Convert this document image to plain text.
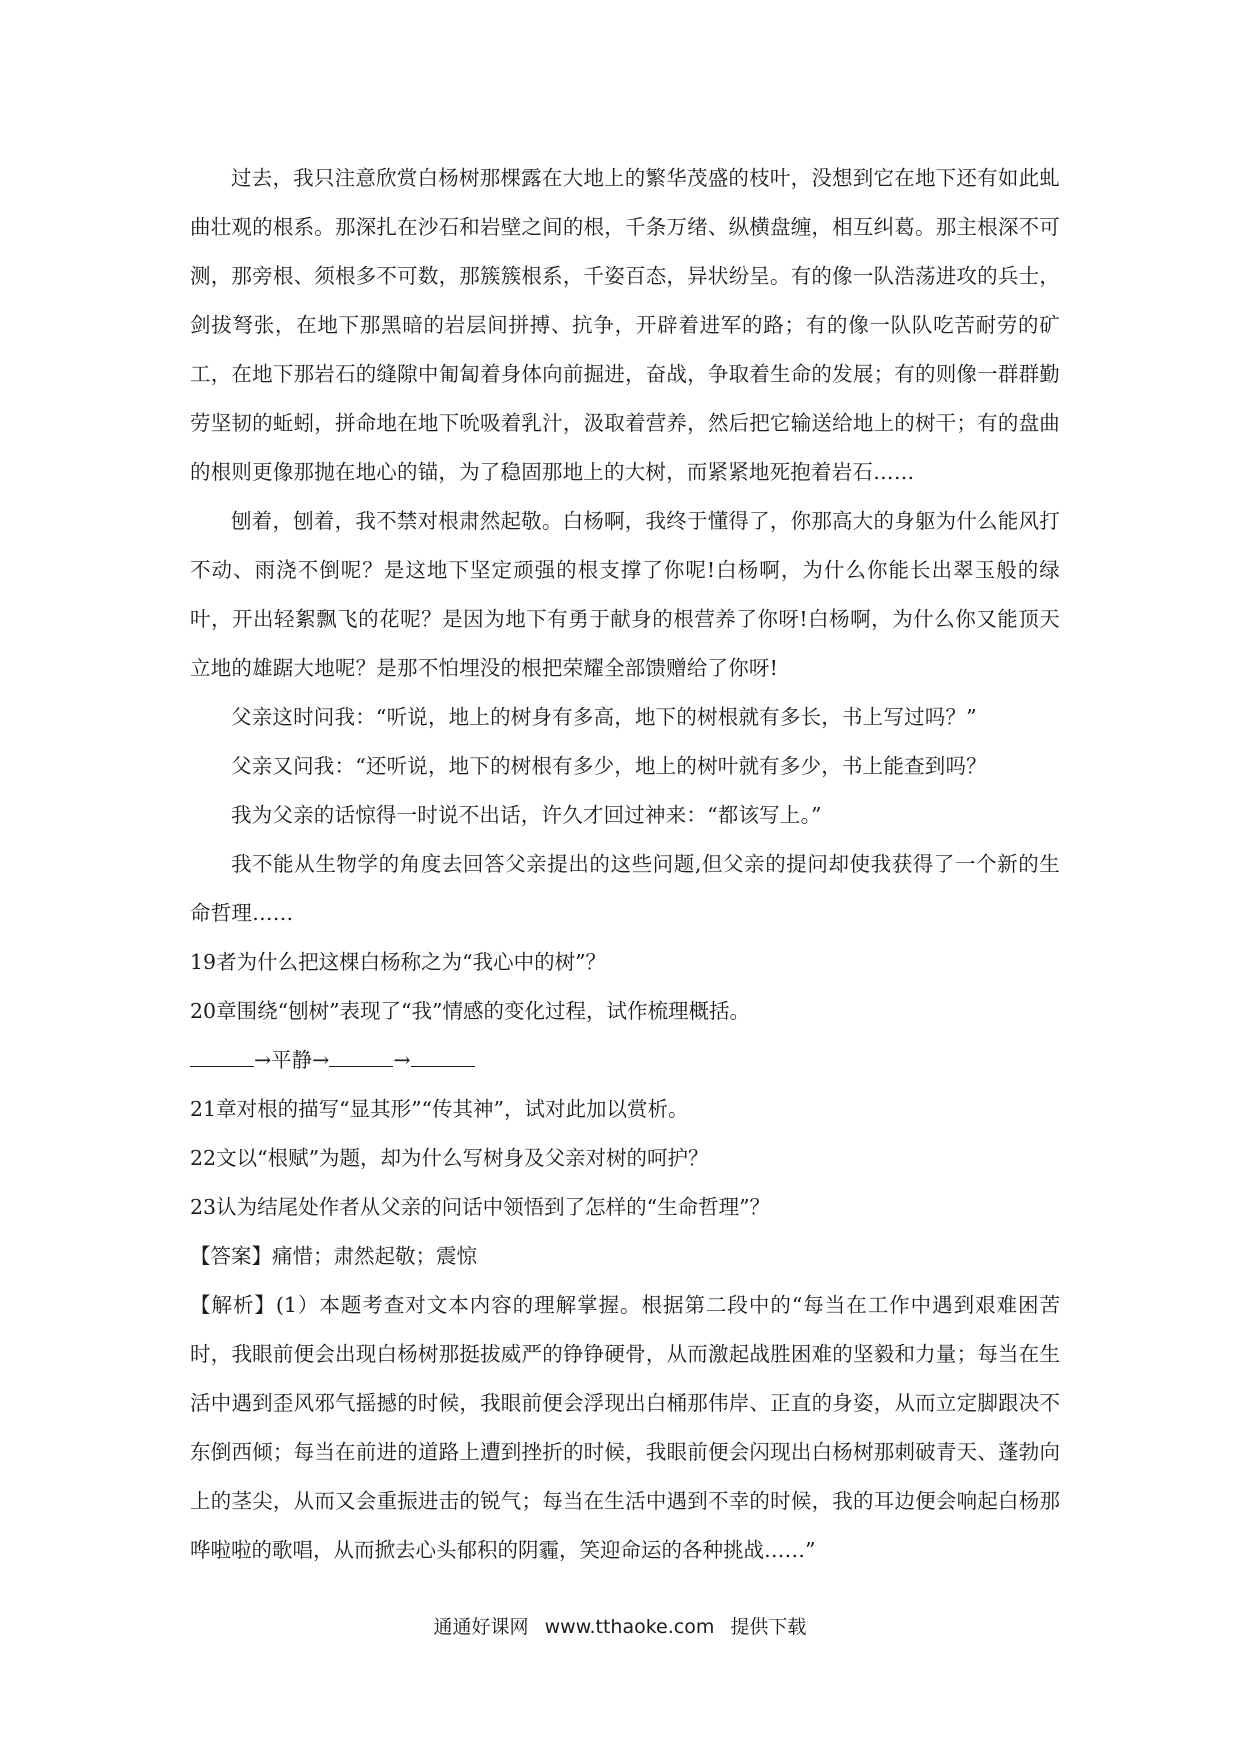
过去，我只注意欣赏白杨树那棵露在大地上的繁华茂盛的枝叶，没想到它在地下还有如此虬曲壮观的根系。那深扎在沙石和岩壁之间的根，千条万绪、纵横盘缠，相互纠葛。那主根深不可测，那旁根、须根多不可数，那簇簇根系，千姿百态，异状纷呈。有的像一队浩荡进攻的兵士，剑拔弩张，在地下那黑暗的岩层间拼搏、抗争，开辟着进军的路；有的像一队队吃苦耐劳的矿工，在地下那岩石的缝隙中匍匐着身体向前掘进，奋战，争取着生命的发展；有的则像一群群勤劳坚韧的蚯蚓，拼命地在地下吮吸着乳汁，汲取着营养，然后把它输送给地上的树干；有的盘曲的根则更像那抛在地心的锚，为了稳固那地上的大树，而紧紧地死抱着岩石……

刨着，刨着，我不禁对根肃然起敬。白杨啊，我终于懂得了，你那高大的身躯为什么能风打不动、雨浇不倒呢？是这地下坚定顽强的根支撑了你呢!白杨啊，为什么你能长出翠玉般的绿叶，开出轻絮飘飞的花呢？是因为地下有勇于献身的根营养了你呀!白杨啊，为什么你又能顶天立地的雄踞大地呢？是那不怕埋没的根把荣耀全部馈赠给了你呀!

父亲这时问我：“听说，地上的树身有多高，地下的树根就有多长，书上写过吗？”

父亲又问我：“还听说，地下的树根有多少，地上的树叶就有多少，书上能查到吗？

我为父亲的话惊得一时说不出话，许久才回过神来：“都该写上。”

我不能从生物学的角度去回答父亲提出的这些问题,但父亲的提问却使我获得了一个新的生命哲理……

19者为什么把这棵白杨称之为“我心中的树”？

20章围绕“刨树”表现了“我”情感的变化过程，试作梳理概括。

→平静→	→

21章对根的描写“显其形”“传其神”，试对此加以赏析。

22文以“根赋”为题，却为什么写树身及父亲对树的呵护？

23认为结尾处作者从父亲的问话中领悟到了怎样的“生命哲理”？

【答案】痛惜；肃然起敬；震惊

【解析】(1）本题考查对文本内容的理解掌握。根据第二段中的“每当在工作中遇到艰难困苦时，我眼前便会出现白杨树那挺拔威严的铮铮硬骨，从而激起战胜困难的坚毅和力量；每当在生活中遇到歪风邪气摇撼的时候，我眼前便会浮现出白桶那伟岸、正直的身姿，从而立定脚跟决不东倒西倾；每当在前进的道路上遭到挫折的时候，我眼前便会闪现出白杨树那刺破青天、蓬勃向上的茎尖，从而又会重振进击的锐气；每当在生活中遇到不幸的时候，我的耳边便会响起白杨那哗啦啦的歌唱，从而掀去心头郁积的阴霾，笑迎命运的各种挑战……”

通通好课网 www.tthaoke.com 提供下载
